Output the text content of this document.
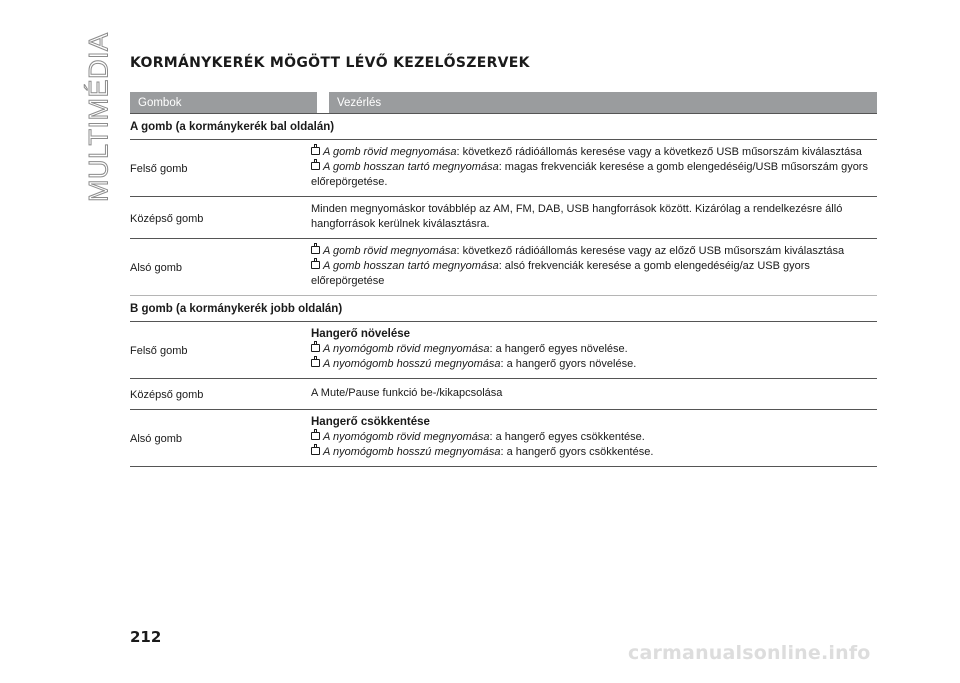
MULTIMÉDIA KORMÁNYKERÉK MÖGÖTT LÉVŐ KEZELŐSZERVEK
Gombok	Vezérlés
A gomb (a kormánykerék bal oldalán)
Felső gomb
A gomb rövid megnyomása: következő rádióállomás keresése vagy a következő USB műsorszám kiválasztása
A gomb hosszan tartó megnyomása: magas frekvenciák keresése a gomb elengedéséig/USB műsorszám gyors előrepörgetése.
Középső gomb
Minden megnyomáskor továbblép az AM, FM, DAB, USB hangforrások között. Kizárólag a rendelkezésre álló hangforrások kerülnek kiválasztásra.
Alsó gomb
A gomb rövid megnyomása: következő rádióállomás keresése vagy az előző USB műsorszám kiválasztása
A gomb hosszan tartó megnyomása: alsó frekvenciák keresése a gomb elengedéséig/az USB gyors előrepörgetése
B gomb (a kormánykerék jobb oldalán)
Felső gomb
Hangerő növelése
A nyomógomb rövid megnyomása: a hangerő egyes növelése.
A nyomógomb hosszú megnyomása: a hangerő gyors növelése.
Középső gomb	A Mute/Pause funkció be-/kikapcsolása
Alsó gomb
Hangerő csökkentése
A nyomógomb rövid megnyomása: a hangerő egyes csökkentése.
A nyomógomb hosszú megnyomása: a hangerő gyors csökkentése.
212
carmanualsonline.info
